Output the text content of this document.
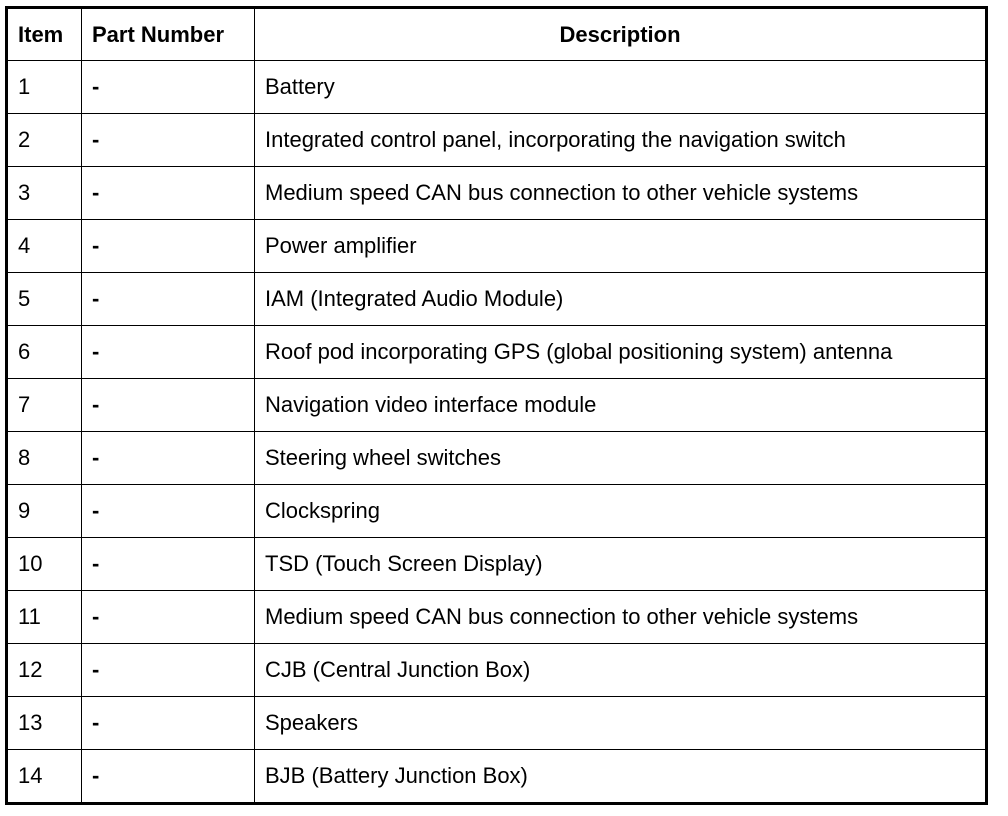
Item	Part Number	Description
1	-	Battery
2	-	Integrated control panel, incorporating the navigation switch
3	-	Medium speed CAN bus connection to other vehicle systems
4	-	Power amplifier
5	-	IAM (Integrated Audio Module)
6	-	Roof pod incorporating GPS (global positioning system) antenna
7	-	Navigation video interface module
8	-	Steering wheel switches
9	-	Clockspring
10	-	TSD (Touch Screen Display)
11	-	Medium speed CAN bus connection to other vehicle systems
12	-	CJB (Central Junction Box)
13	-	Speakers
14	-	BJB (Battery Junction Box)
